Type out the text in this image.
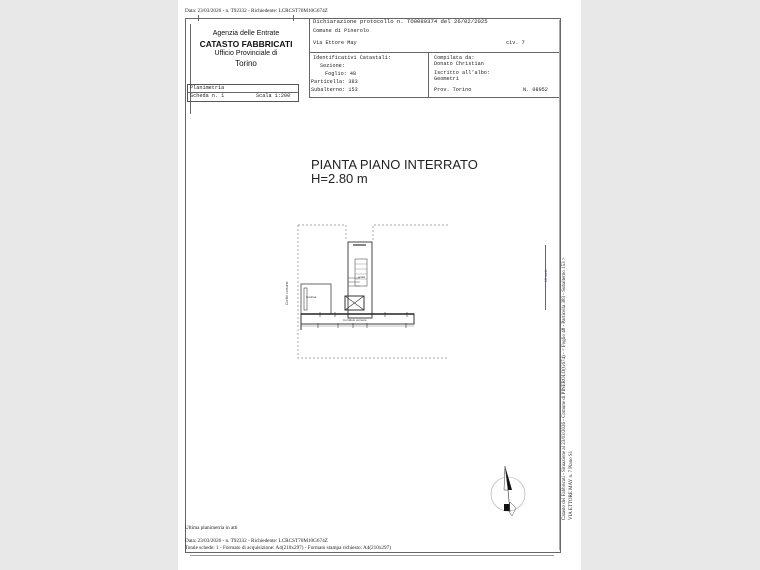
Data: 23/03/2026 - n. T92332 - Richiedente: LCRCST70M10G674Z
Agenzia delle Entrate
CATASTO FABBRICATI
Ufficio Provinciale di
Torino
Planimetria
Scheda n. 1	Scala 1:200
Dichiarazione protocollo n. TO0080374 del 26/02/2025
Comune di Pinerolo
Via Ettore May	civ. 7
Identificativi Catastali:
Sezione:
Foglio: 48
Particella: 383
Subalterno: 153
Compilata da:
Donato Christian
Iscritto all'albo:
Geometri
Prov. Torino	N. 08952
PIANTA PIANO INTERRATO
H=2.80 m
Cantina
Corridoio comune
scala
Cortile comune
10 metri	Catasto dei Fabbricati - Situazione al 23/03/2026 - Comune di PINEROLO(G674) - < Foglio 48 - Particella 383 - Subalterno 153 > VIA ETTORE MAY n. 7 Piano S1
Ultima planimetria in atti
Data: 23/03/2026 - n. T92332 - Richiedente: LCRCST70M10G674Z
Totale schede: 1 - Formato di acquisizione: A4(210x297) - Formato stampa richiesto: A4(210x297)
